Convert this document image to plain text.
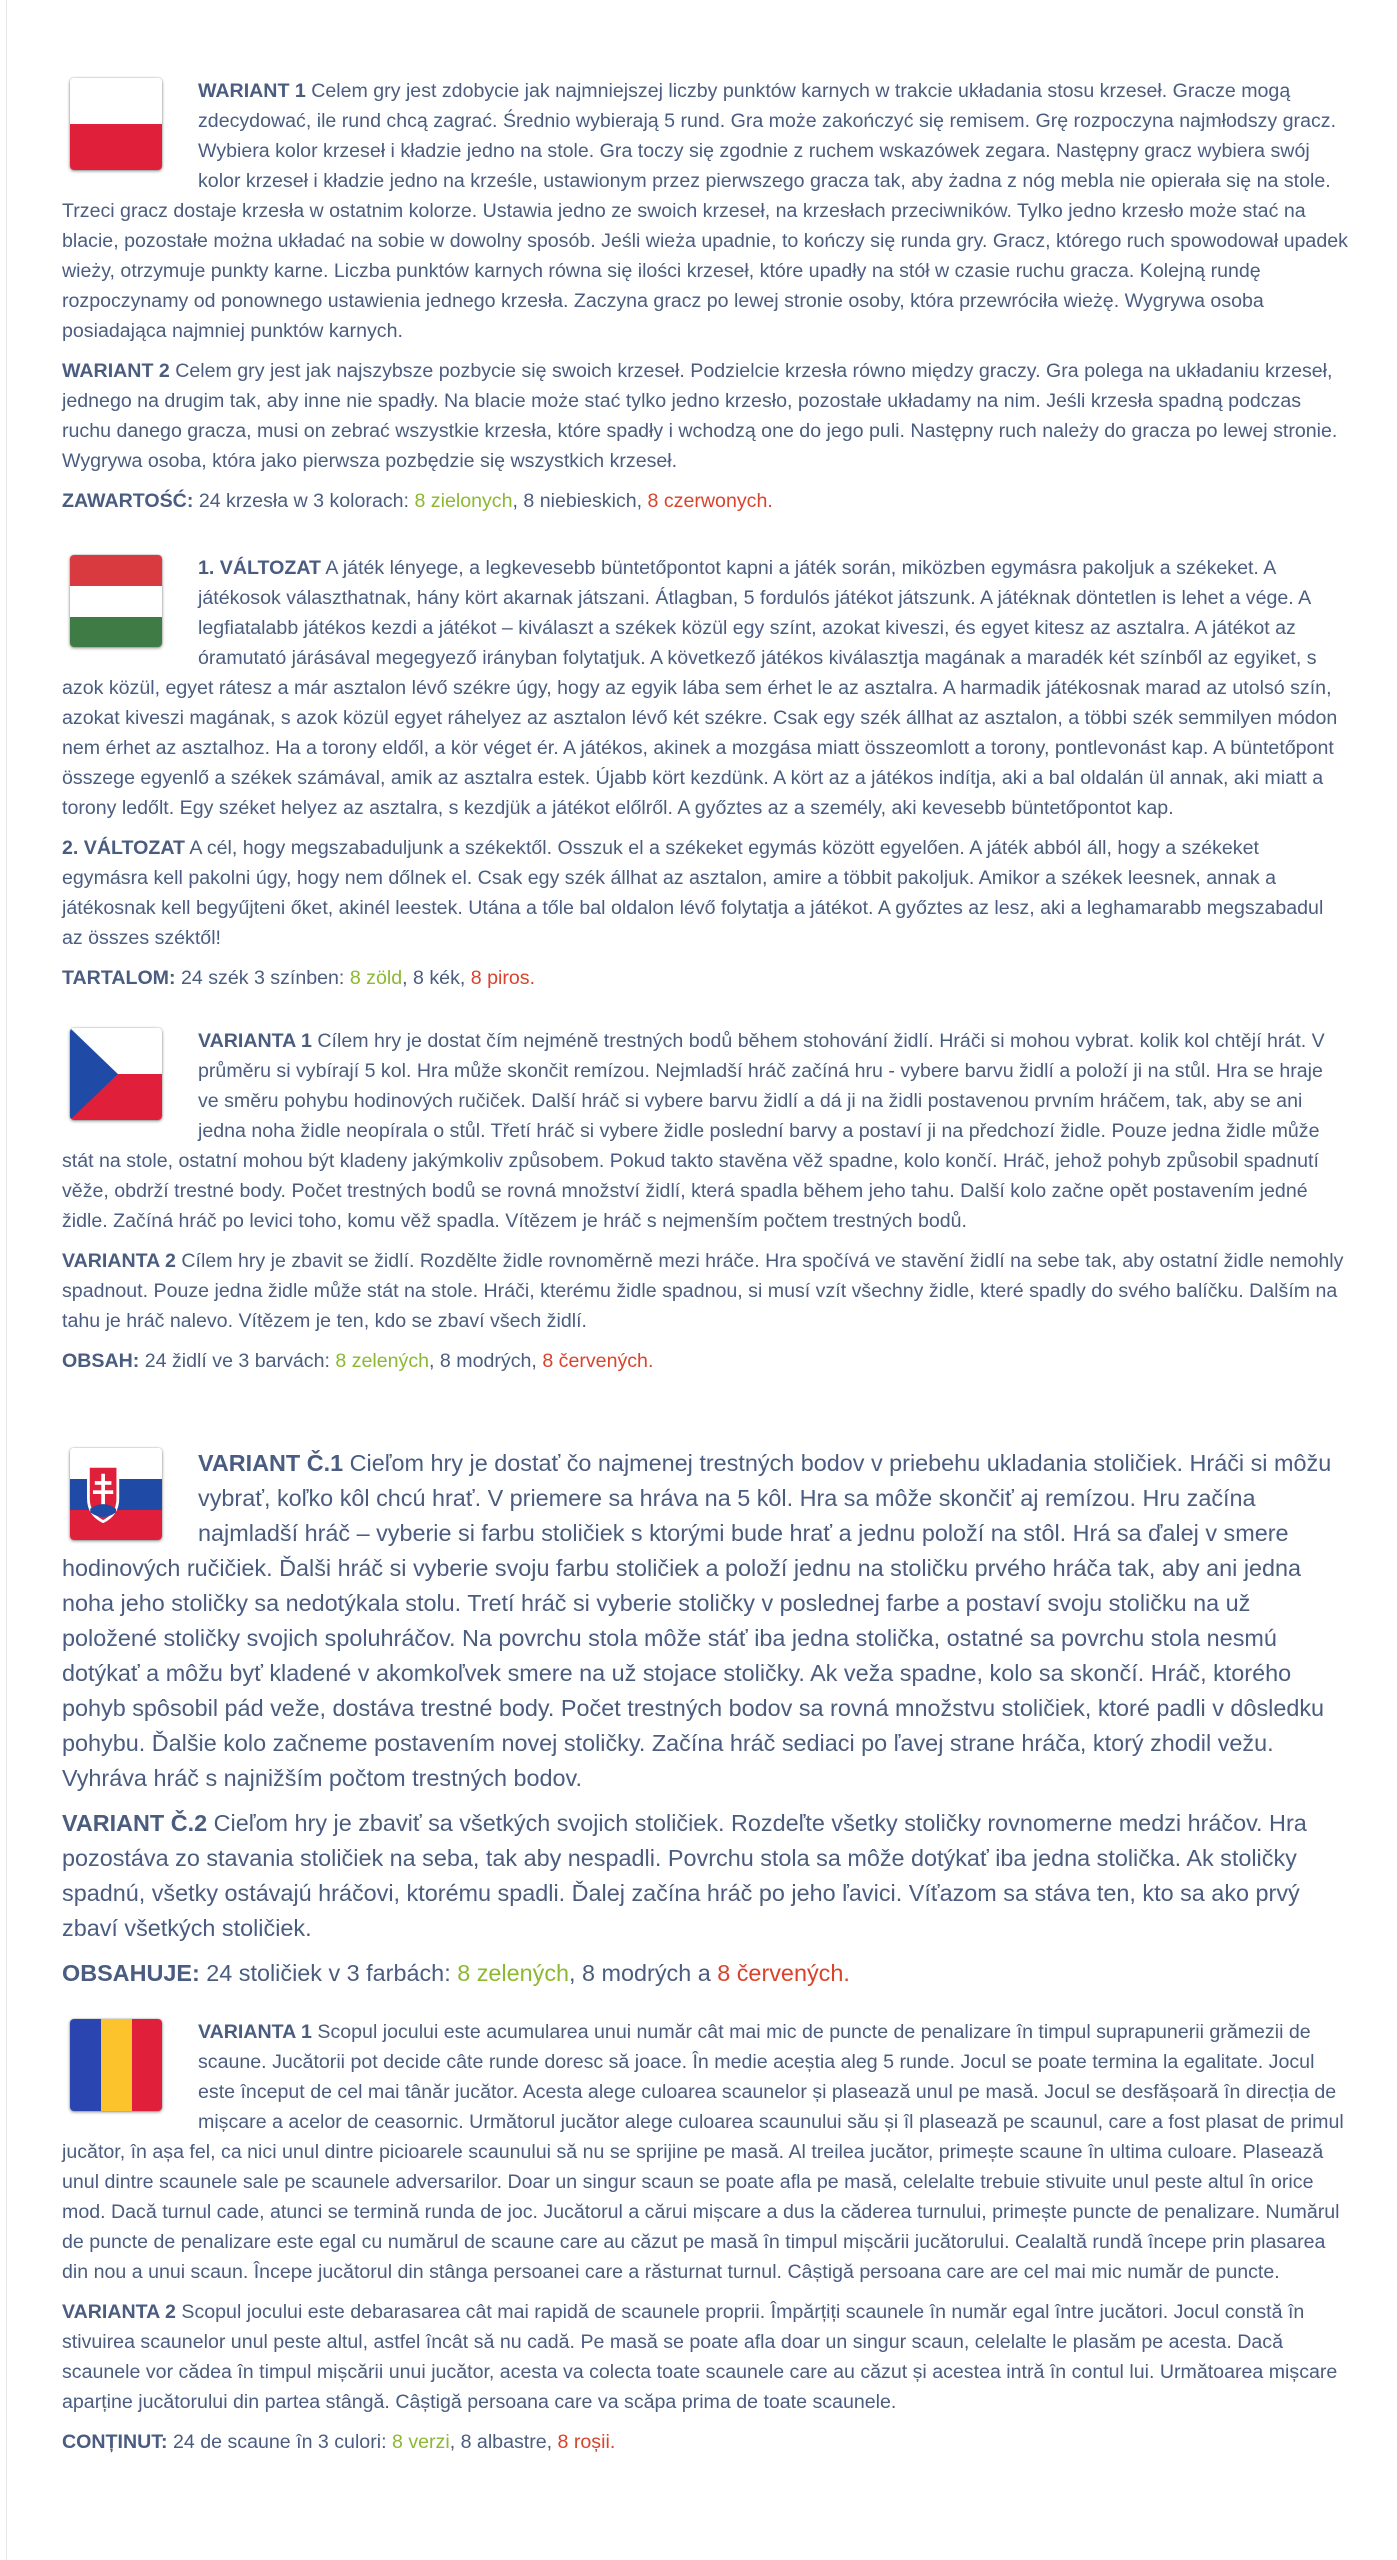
WARIANT 1 Celem gry jest zdobycie jak najmniejszej liczby punktów karnych w trakcie układania stosu krzeseł. Gracze mogą zdecydować, ile rund chcą zagrać. Średnio wybierają 5 rund. Gra może zakończyć się remisem. Grę rozpoczyna najmłodszy gracz. Wybiera kolor krzeseł i kładzie jedno na stole. Gra toczy się zgodnie z ruchem wskazówek zegara. Następny gracz wybiera swój kolor krzeseł i kładzie jedno na krześle, ustawionym przez pierwszego gracza tak, aby żadna z nóg mebla nie opierała się na stole. Trzeci gracz dostaje krzesła w ostatnim kolorze. Ustawia jedno ze swoich krzeseł, na krzesłach przeciwników. Tylko jedno krzesło może stać na blacie, pozostałe można układać na sobie w dowolny sposób. Jeśli wieża upadnie, to kończy się runda gry. Gracz, którego ruch spowodował upadek wieży, otrzymuje punkty karne. Liczba punktów karnych równa się ilości krzeseł, które upadły na stół w czasie ruchu gracza. Kolejną rundę rozpoczynamy od ponownego ustawienia jednego krzesła. Zaczyna gracz po lewej stronie osoby, która przewróciła wieżę. Wygrywa osoba posiadająca najmniej punktów karnych.

WARIANT 2 Celem gry jest jak najszybsze pozbycie się swoich krzeseł. Podzielcie krzesła równo między graczy. Gra polega na układaniu krzeseł, jednego na drugim tak, aby inne nie spadły. Na blacie może stać tylko jedno krzesło, pozostałe układamy na nim. Jeśli krzesła spadną podczas ruchu danego gracza, musi on zebrać wszystkie krzesła, które spadły i wchodzą one do jego puli. Następny ruch należy do gracza po lewej stronie. Wygrywa osoba, która jako pierwsza pozbędzie się wszystkich krzeseł.

ZAWARTOŚĆ: 24 krzesła w 3 kolorach: 8 zielonych, 8 niebieskich, 8 czerwonych.

1. VÁLTOZAT A játék lényege, a legkevesebb büntetőpontot kapni a játék során, miközben egymásra pakoljuk a székeket. A játékosok választhatnak, hány kört akarnak játszani. Átlagban, 5 fordulós játékot játszunk. A játéknak döntetlen is lehet a vége. A legfiatalabb játékos kezdi a játékot – kiválaszt a székek közül egy színt, azokat kiveszi, és egyet kitesz az asztalra. A játékot az óramutató járásával megegyező irányban folytatjuk. A következő játékos kiválasztja magának a maradék két színből az egyiket, s azok közül, egyet rátesz a már asztalon lévő székre úgy, hogy az egyik lába sem érhet le az asztalra. A harmadik játékosnak marad az utolsó szín, azokat kiveszi magának, s azok közül egyet ráhelyez az asztalon lévő két székre. Csak egy szék állhat az asztalon, a többi szék semmilyen módon nem érhet az asztalhoz. Ha a torony eldől, a kör véget ér. A játékos, akinek a mozgása miatt összeomlott a torony, pontlevonást kap. A büntetőpont összege egyenlő a székek számával, amik az asztalra estek. Újabb kört kezdünk. A kört az a játékos indítja, aki a bal oldalán ül annak, aki miatt a torony ledőlt. Egy széket helyez az asztalra, s kezdjük a játékot előlről. A győztes az a személy, aki kevesebb büntetőpontot kap.

2. VÁLTOZAT A cél, hogy megszabaduljunk a székektől. Osszuk el a székeket egymás között egyelően. A játék abból áll, hogy a székeket egymásra kell pakolni úgy, hogy nem dőlnek el. Csak egy szék állhat az asztalon, amire a többit pakoljuk. Amikor a székek leesnek, annak a játékosnak kell begyűjteni őket, akinél leestek. Utána a tőle bal oldalon lévő folytatja a játékot. A győztes az lesz, aki a leghamarabb megszabadul az összes széktől!

TARTALOM: 24 szék 3 színben: 8 zöld, 8 kék, 8 piros.

VARIANTA 1 Cílem hry je dostat čím nejméně trestných bodů během stohování židlí. Hráči si mohou vybrat. kolik kol chtějí hrát. V průměru si vybírají 5 kol. Hra může skončit remízou. Nejmladší hráč začíná hru - vybere barvu židlí a položí ji na stůl. Hra se hraje ve směru pohybu hodinových ručiček. Další hráč si vybere barvu židlí a dá ji na židli postavenou prvním hráčem, tak, aby se ani jedna noha židle neopírala o stůl. Třetí hráč si vybere židle poslední barvy a postaví ji na předchozí židle. Pouze jedna židle může stát na stole, ostatní mohou být kladeny jakýmkoliv způsobem. Pokud takto stavěna věž spadne, kolo končí. Hráč, jehož pohyb způsobil spadnutí věže, obdrží trestné body. Počet trestných bodů se rovná množství židlí, která spadla během jeho tahu. Další kolo začne opět postavením jedné židle. Začíná hráč po levici toho, komu věž spadla. Vítězem je hráč s nejmenším počtem trestných bodů.

VARIANTA 2 Cílem hry je zbavit se židlí. Rozdělte židle rovnoměrně mezi hráče. Hra spočívá ve stavění židlí na sebe tak, aby ostatní židle nemohly spadnout. Pouze jedna židle může stát na stole. Hráči, kterému židle spadnou, si musí vzít všechny židle, které spadly do svého balíčku. Dalším na tahu je hráč nalevo. Vítězem je ten, kdo se zbaví všech židlí.

OBSAH: 24 židlí ve 3 barvách: 8 zelených, 8 modrých, 8 červených.

VARIANT Č.1 Cieľom hry je dostať čo najmenej trestných bodov v priebehu ukladania stoličiek. Hráči si môžu vybrať, koľko kôl chcú hrať. V priemere sa hráva na 5 kôl. Hra sa môže skončiť aj remízou. Hru začína najmladší hráč – vyberie si farbu stoličiek s ktorými bude hrať a jednu položí na stôl. Hrá sa ďalej v smere hodinových ručičiek. Ďalši hráč si vyberie svoju farbu stoličiek a položí jednu na stoličku prvého hráča tak, aby ani jedna noha jeho stoličky sa nedotýkala stolu. Tretí hráč si vyberie stoličky v poslednej farbe a postaví svoju stoličku na už položené stoličky svojich spoluhráčov. Na povrchu stola môže stáť iba jedna stolička, ostatné sa povrchu stola nesmú dotýkať a môžu byť kladené v akomkoľvek smere na už stojace stoličky. Ak veža spadne, kolo sa skončí. Hráč, ktorého pohyb spôsobil pád veže, dostáva trestné body. Počet trestných bodov sa rovná množstvu stoličiek, ktoré padli v dôsledku pohybu. Ďalšie kolo začneme postavením novej stoličky. Začína hráč sediaci po ľavej strane hráča, ktorý zhodil vežu. Vyhráva hráč s najnižším počtom trestných bodov.

VARIANT Č.2 Cieľom hry je zbaviť sa všetkých svojich stoličiek. Rozdeľte všetky stoličky rovnomerne medzi hráčov. Hra pozostáva zo stavania stoličiek na seba, tak aby nespadli. Povrchu stola sa môže dotýkať iba jedna stolička. Ak stoličky spadnú, všetky ostávajú hráčovi, ktorému spadli. Ďalej začína hráč po jeho ľavici. Víťazom sa stáva ten, kto sa ako prvý zbaví všetkých stoličiek.

OBSAHUJE: 24 stoličiek v 3 farbách: 8 zelených, 8 modrých a 8 červených.

VARIANTA 1 Scopul jocului este acumularea unui număr cât mai mic de puncte de penalizare în timpul suprapunerii grămezii de scaune. Jucătorii pot decide câte runde doresc să joace. În medie aceștia aleg 5 runde. Jocul se poate termina la egalitate. Jocul este început de cel mai tânăr jucător. Acesta alege culoarea scaunelor și plasează unul pe masă. Jocul se desfășoară în direcția de mișcare a acelor de ceasornic. Următorul jucător alege culoarea scaunului său și îl plasează pe scaunul, care a fost plasat de primul jucător, în așa fel, ca nici unul dintre picioarele scaunului să nu se sprijine pe masă. Al treilea jucător, primește scaune în ultima culoare. Plasează unul dintre scaunele sale pe scaunele adversarilor. Doar un singur scaun se poate afla pe masă, celelalte trebuie stivuite unul peste altul în orice mod. Dacă turnul cade, atunci se termină runda de joc. Jucătorul a cărui mișcare a dus la căderea turnului, primește puncte de penalizare. Numărul de puncte de penalizare este egal cu numărul de scaune care au căzut pe masă în timpul mișcării jucătorului. Cealaltă rundă începe prin plasarea din nou a unui scaun. Începe jucătorul din stânga persoanei care a răsturnat turnul. Câștigă persoana care are cel mai mic număr de puncte.

VARIANTA 2 Scopul jocului este debarasarea cât mai rapidă de scaunele proprii. Împărțiți scaunele în număr egal între jucători. Jocul constă în stivuirea scaunelor unul peste altul, astfel încât să nu cadă. Pe masă se poate afla doar un singur scaun, celelalte le plasăm pe acesta. Dacă scaunele vor cădea în timpul mișcării unui jucător, acesta va colecta toate scaunele care au căzut și acestea intră în contul lui. Următoarea mișcare aparține jucătorului din partea stângă. Câștigă persoana care va scăpa prima de toate scaunele.

CONȚINUT: 24 de scaune în 3 culori: 8 verzi, 8 albastre, 8 roșii.
